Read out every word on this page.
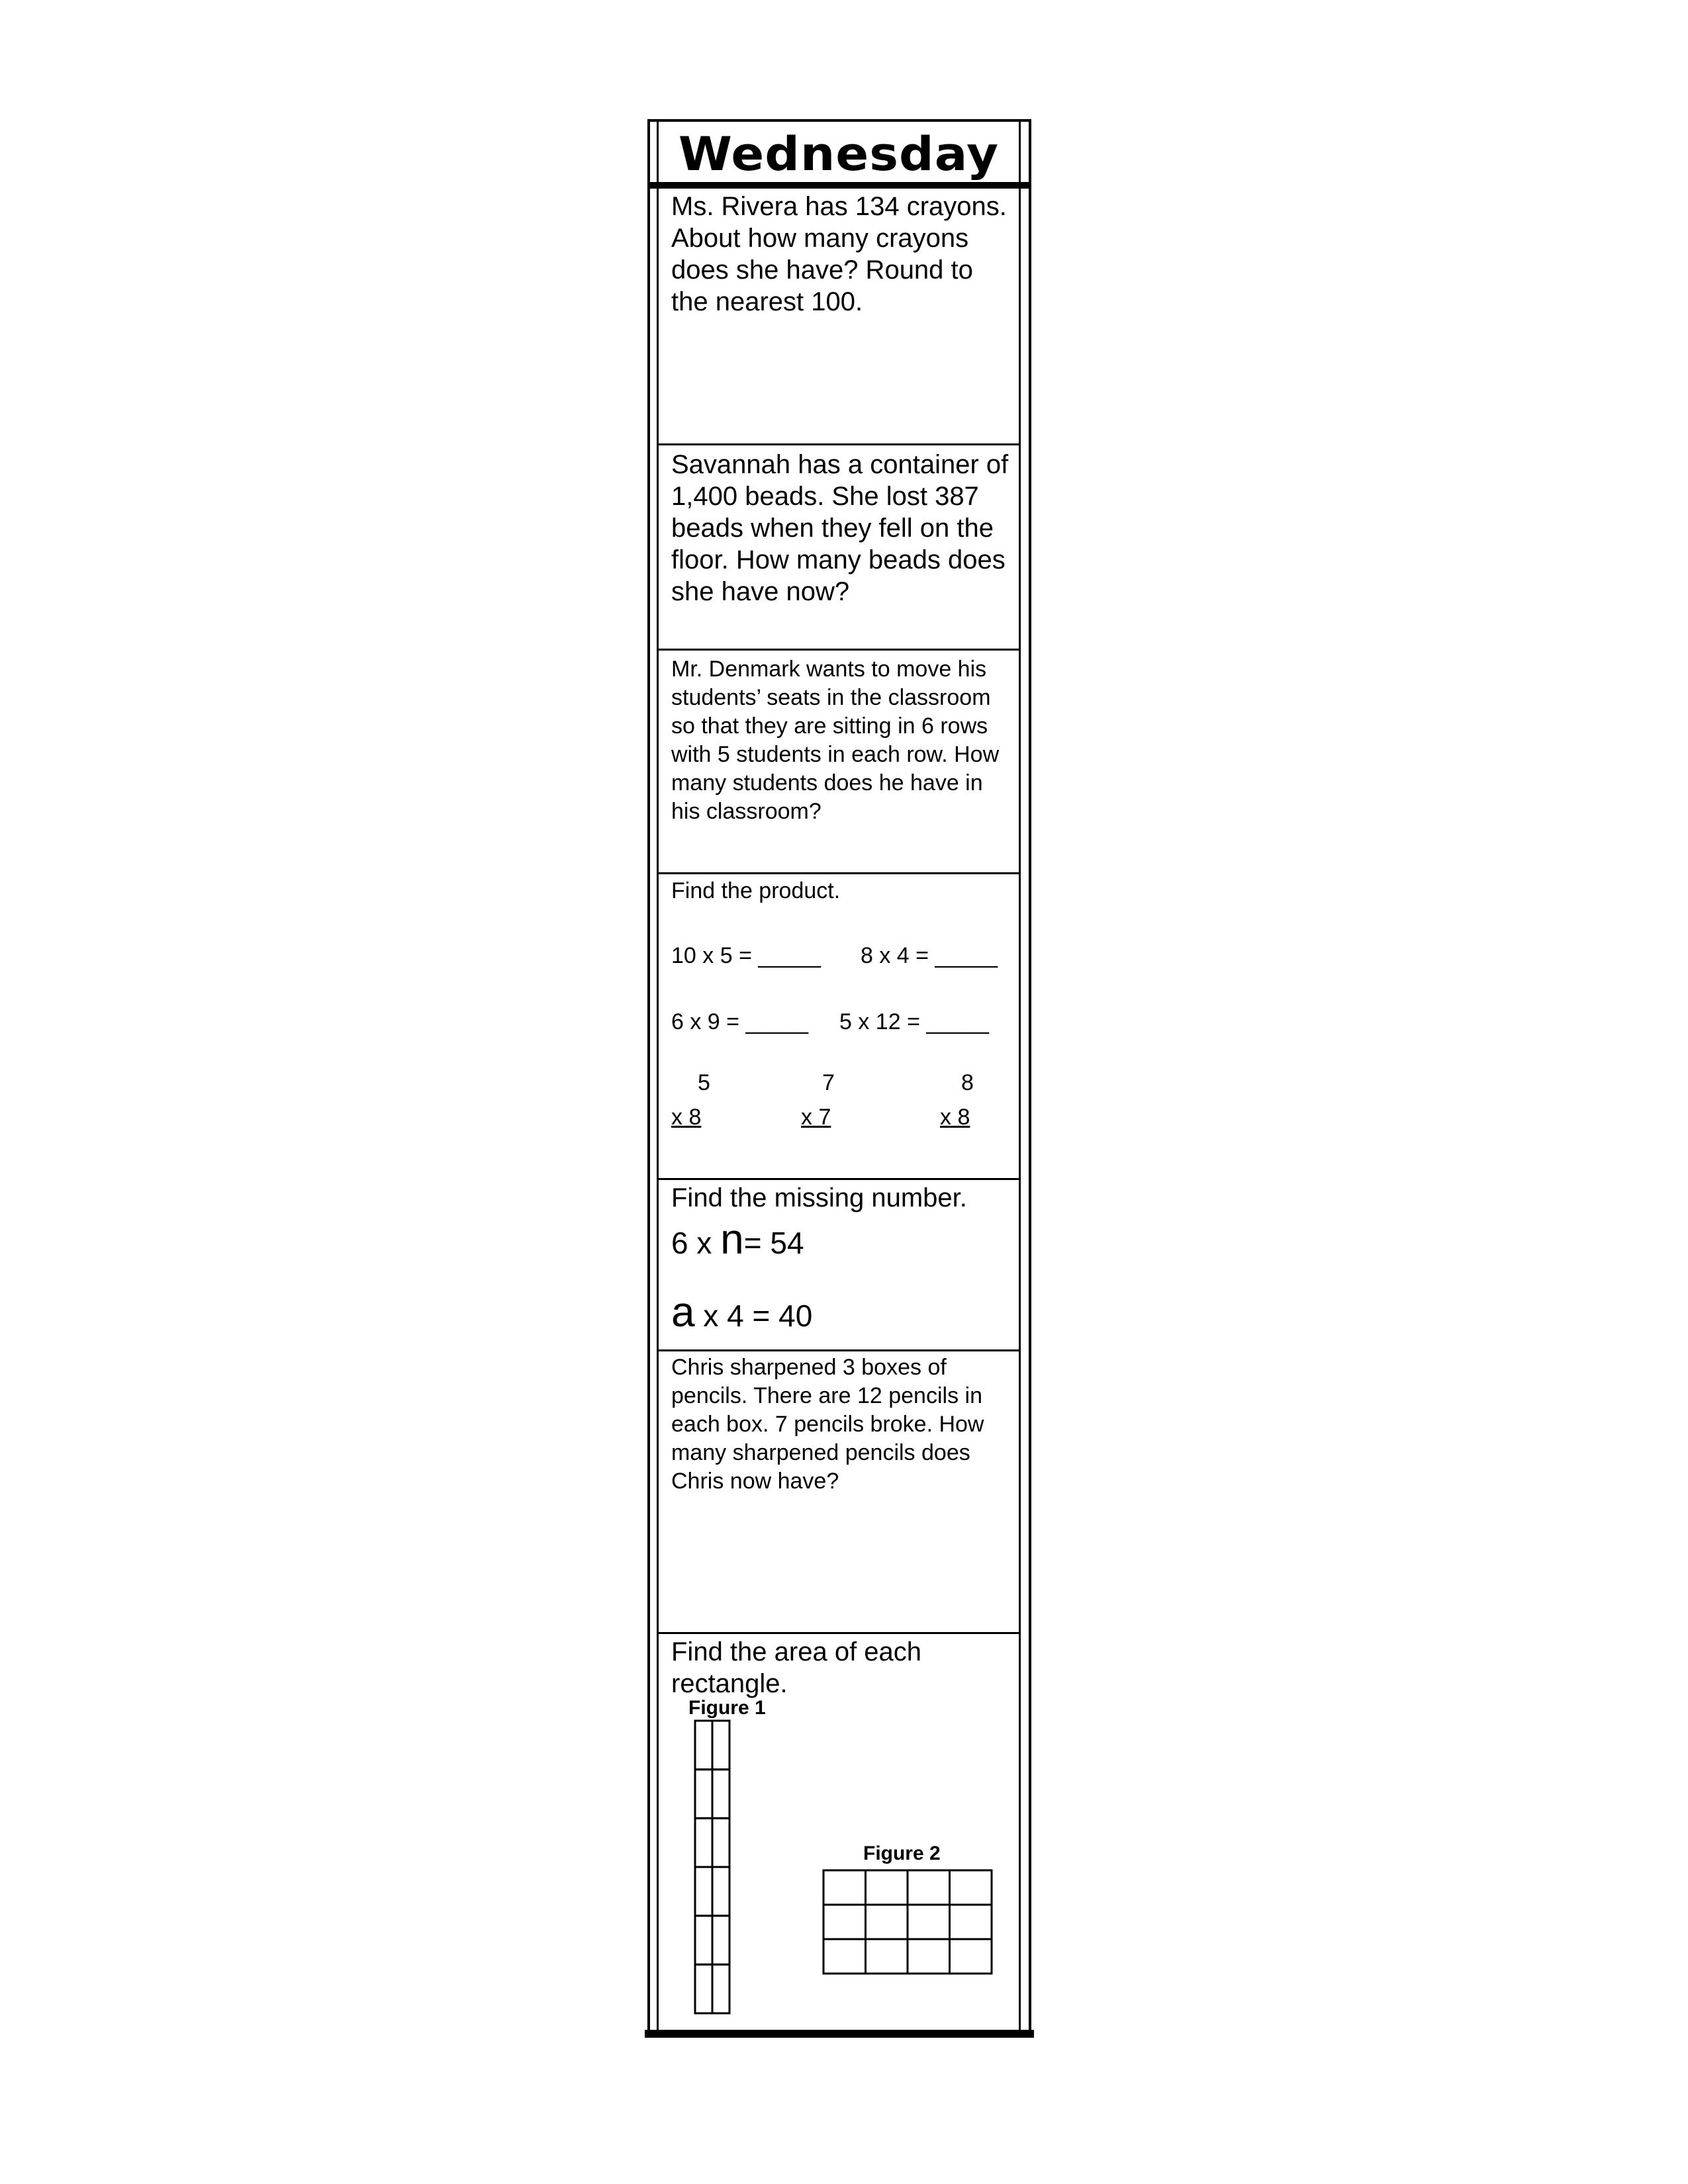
Wednesday

Ms. Rivera has 134 crayons. About how many crayons does she have? Round to the nearest 100.

Savannah has a container of 1,400 beads. She lost 387 beads when they fell on the floor. How many beads does she have now?

Mr. Denmark wants to move his students’ seats in the classroom so that they are sitting in 6 rows with 5 students in each row. How many students does he have in his classroom?

Find the product.
10 x 5 = _____ 8 x 4 = _____
6 x 9 = _____ 5 x 12 = _____
5
x 8
7
x 7
8
x 8

Find the missing number.

6 x n= 54
a x 4 = 40

Chris sharpened 3 boxes of pencils. There are 12 pencils in each box. 7 pencils broke. How many sharpened pencils does Chris now have?

Find the area of each rectangle.

Figure 1
Figure 2
